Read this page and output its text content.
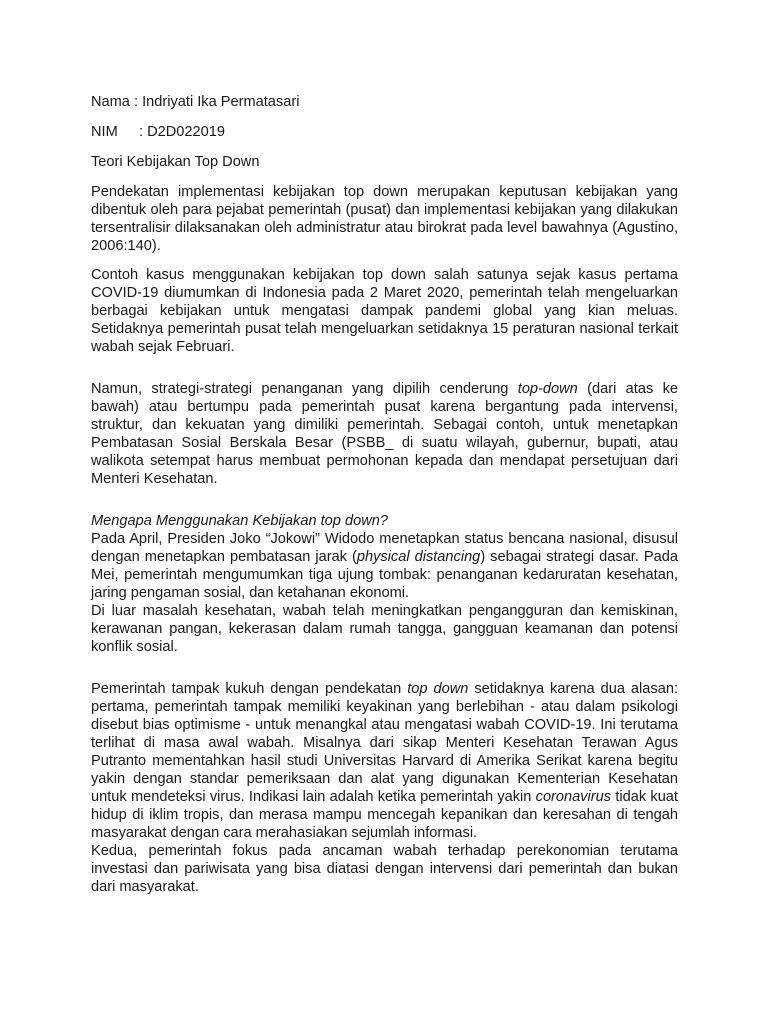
Nama : Indriyati Ika Permatasari

NIM : D2D022019

Teori Kebijakan Top Down

Pendekatan implementasi kebijakan top down merupakan keputusan kebijakan yang dibentuk oleh para pejabat pemerintah (pusat) dan implementasi kebijakan yang dilakukan tersentralisir dilaksanakan oleh administratur atau birokrat pada level bawahnya (Agustino, 2006:140).

Contoh kasus menggunakan kebijakan top down salah satunya sejak kasus pertama COVID-19 diumumkan di Indonesia pada 2 Maret 2020, pemerintah telah mengeluarkan berbagai kebijakan untuk mengatasi dampak pandemi global yang kian meluas. Setidaknya pemerintah pusat telah mengeluarkan setidaknya 15 peraturan nasional terkait wabah sejak Februari.

Namun, strategi-strategi penanganan yang dipilih cenderung top-down (dari atas ke bawah) atau bertumpu pada pemerintah pusat karena bergantung pada intervensi, struktur, dan kekuatan yang dimiliki pemerintah. Sebagai contoh, untuk menetapkan Pembatasan Sosial Berskala Besar (PSBB_ di suatu wilayah, gubernur, bupati, atau walikota setempat harus membuat permohonan kepada dan mendapat persetujuan dari Menteri Kesehatan.

Mengapa Menggunakan Kebijakan top down?

Pada April, Presiden Joko “Jokowi” Widodo menetapkan status bencana nasional, disusul dengan menetapkan pembatasan jarak (physical distancing) sebagai strategi dasar. Pada Mei, pemerintah mengumumkan tiga ujung tombak: penanganan kedaruratan kesehatan, jaring pengaman sosial, dan ketahanan ekonomi.

Di luar masalah kesehatan, wabah telah meningkatkan pengangguran dan kemiskinan, kerawanan pangan, kekerasan dalam rumah tangga, gangguan keamanan dan potensi konflik sosial.

Pemerintah tampak kukuh dengan pendekatan top down setidaknya karena dua alasan: pertama, pemerintah tampak memiliki keyakinan yang berlebihan - atau dalam psikologi disebut bias optimisme - untuk menangkal atau mengatasi wabah COVID-19. Ini terutama terlihat di masa awal wabah. Misalnya dari sikap Menteri Kesehatan Terawan Agus Putranto mementahkan hasil studi Universitas Harvard di Amerika Serikat karena begitu yakin dengan standar pemeriksaan dan alat yang digunakan Kementerian Kesehatan untuk mendeteksi virus. Indikasi lain adalah ketika pemerintah yakin coronavirus tidak kuat hidup di iklim tropis, dan merasa mampu mencegah kepanikan dan keresahan di tengah masyarakat dengan cara merahasiakan sejumlah informasi.

Kedua, pemerintah fokus pada ancaman wabah terhadap perekonomian terutama investasi dan pariwisata yang bisa diatasi dengan intervensi dari pemerintah dan bukan dari masyarakat.
